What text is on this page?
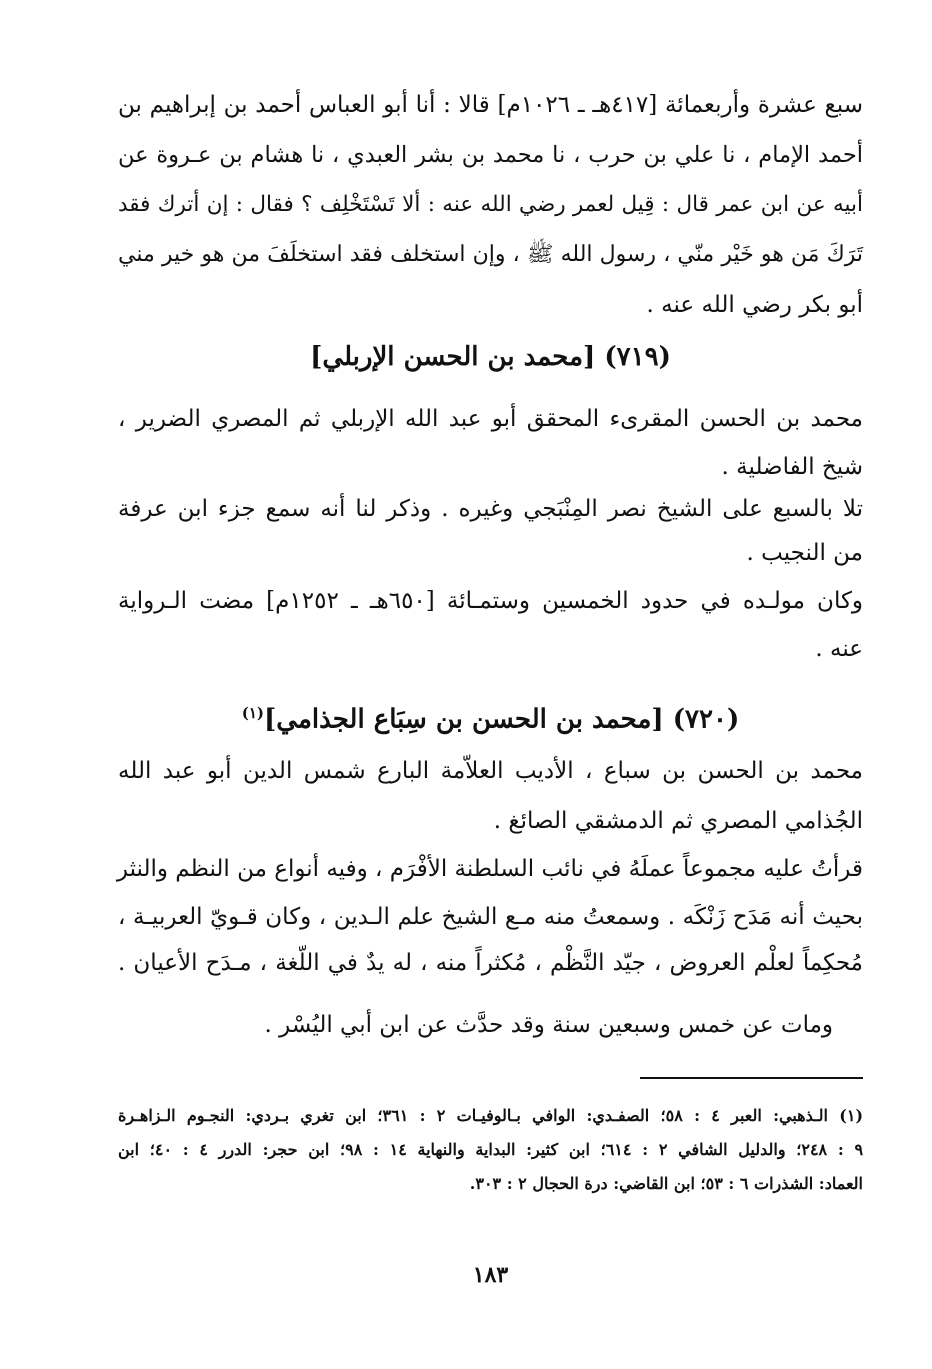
سبع عشرة وأربعمائة [٤١٧هـ ـ ١٠٢٦م] قالا : أنا أبو العباس أحمد بن إبراهيم بن
أحمد الإمام ، نا علي بن حرب ، نا محمد بن بشر العبدي ، نا هشام بن عـروة عن
أبيه عن ابن عمر قال : قِيل لعمر رضي الله عنه : ألا تَسْتَخْلِف ؟ فقال : إن أترك فقد
تَرَكَ مَن هو خَيْر منّي ، رسول الله ﷺ ، وإن استخلف فقد استخلَفَ من هو خير مني
أبو بكر رضي الله عنه .
(٧١٩) [محمد بن الحسن الإربلي]
محمد بن الحسن المقرىء المحقق أبو عبد الله الإربلي ثم المصري الضرير ،
شيخ الفاضلية .
تلا بالسبع على الشيخ نصر المِنْبَجي وغيره . وذكر لنا أنه سمع جزء ابن عرفة
من النجيب .
وكان مولـده في حدود الخمسين وستمـائة [٦٥٠هـ ـ ١٢٥٢م] مضت الـرواية
عنه .
(٧٢٠) [محمد بن الحسن بن سِبَاع الجذامي]$^{(١)}$
محمد بن الحسن بن سباع ، الأديب العلاّمة البارع شمس الدين أبو عبد الله
الجُذامي المصري ثم الدمشقي الصائغ .
قرأتُ عليه مجموعاً عملَهُ في نائب السلطنة الأفْرَم ، وفيه أنواع من النظم والنثر
بحيث أنه مَدَح زَنْكَه . وسمعتُ منه مـع الشيخ علم الـدين ، وكان قـويّ العربيـة ،
مُحكِماً لعلْم العروض ، جيّد النَّظْم ، مُكثراً منه ، له يدٌ في اللّغة ، مـدَح الأعيان .
ومات عن خمس وسبعين سنة وقد حدَّث عن ابن أبي اليُسْر .
(١) الـذهبي: العبر ٤ : ٥٨؛ الصفـدي: الوافي بـالوفيـات ٢ : ٣٦١؛ ابن تغري بـردي: النجـوم الـزاهـرة
٩ : ٢٤٨؛ والدليل الشافي ٢ : ٦١٤؛ ابن كثير: البداية والنهاية ١٤ : ٩٨؛ ابن حجر: الدرر ٤ : ٤٠؛ ابن
العماد: الشذرات ٦ : ٥٣؛ ابن القاضي: درة الحجال ٢ : ٣٠٣.
١٨٣
